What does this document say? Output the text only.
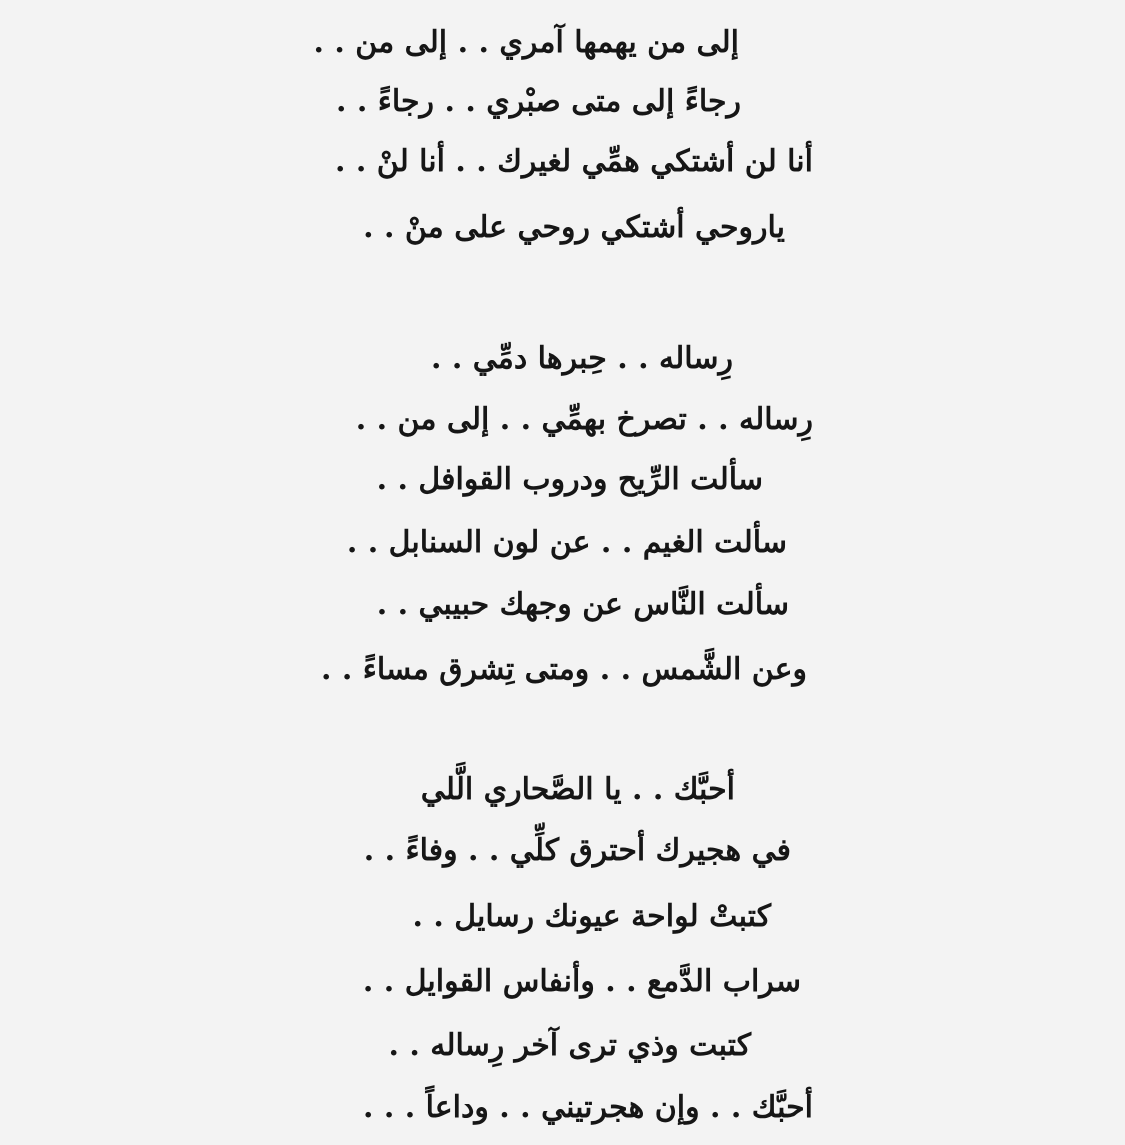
إلى من يهمها آمري . . إلى من . .
رجاءً إلى متى صبْري . . رجاءً . .
أنا لن أشتكي همِّي لغيرك . . أنا لنْ . .
ياروحي أشتكي روحي على منْ . .
رِساله . . حِبرها دمِّي . .
رِساله . . تصرخ بهمِّي . . إلى من . .
سألت الرِّيح ودروب القوافل . .
سألت الغيم . . عن لون السنابل . .
سألت النَّاس عن وجهك حبيبي . .
وعن الشَّمس . . ومتى تِشرق مساءً . .
أحبَّك . . يا الصَّحاري الَّلي
في هجيرك أحترق كلِّي . . وفاءً . .
كتبتْ لواحة عيونك رسايل . .
سراب الدَّمع . . وأنفاس القوايل . .
كتبت وذي ترى آخر رِساله . .
أحبَّك . . وإن هجرتيني . . وداعاً . . .
